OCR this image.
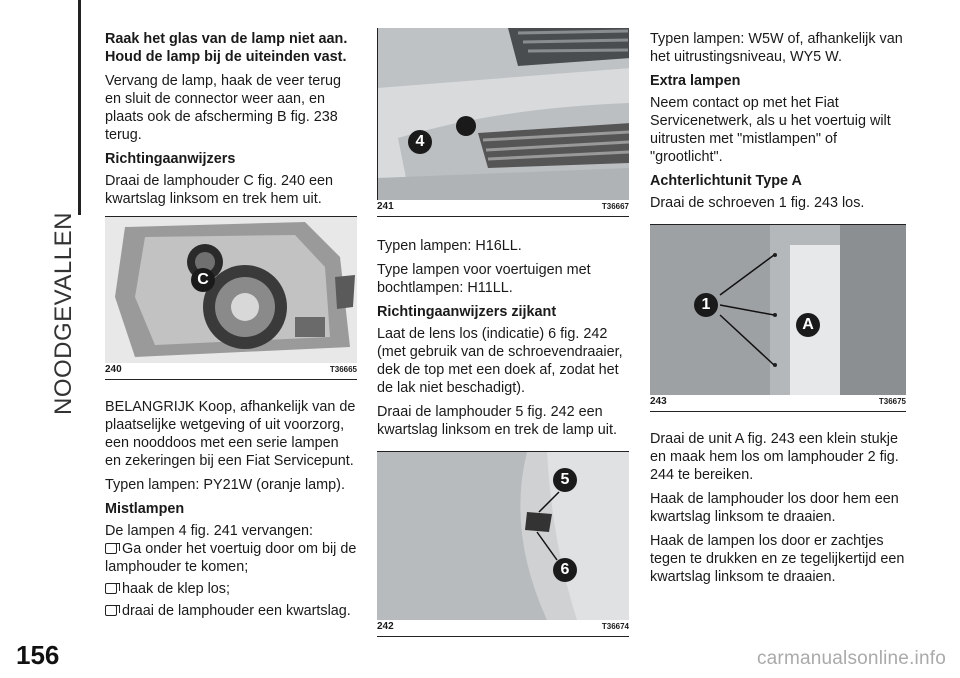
NOODGEVALLEN
156	carmanualsonline.info

Raak het glas van de lamp niet aan. Houd de lamp bij de uiteinden vast.

Vervang de lamp, haak de veer terug en sluit de connector weer aan, en plaats ook de afscherming B fig. 238 terug.

Richtingaanwijzers

Draai de lamphouder C fig. 240 een kwartslag linksom en trek hem uit.

C
240	T36665

BELANGRIJK Koop, afhankelijk van de plaatselijke wetgeving of uit voorzorg, een nooddoos met een serie lampen en zekeringen bij een Fiat Servicepunt.

Typen lampen: PY21W (oranje lamp).

Mistlampen

De lampen 4 fig. 241 vervangen:

Ga onder het voertuig door om bij de

lamphouder te komen;

haak de klep los;
draai de lamphouder een kwartslag.
4
241	T36667

Typen lampen: H16LL.

Type lampen voor voertuigen met bochtlampen: H11LL.

Richtingaanwijzers zijkant

Laat de lens los (indicatie) 6 fig. 242 (met gebruik van de schroevendraaier, dek de top met een doek af, zodat het de lak niet beschadigt).

Draai de lamphouder 5 fig. 242 een kwartslag linksom en trek de lamp uit.

5
6
242	T36674

Typen lampen: W5W of, afhankelijk van het uitrustingsniveau, WY5 W.

Extra lampen

Neem contact op met het Fiat Servicenetwerk, als u het voertuig wilt uitrusten met "mistlampen" of "grootlicht".

Achterlichtunit Type A

Draai de schroeven 1 fig. 243 los.

1
A
243	T36675

Draai de unit A fig. 243 een klein stukje en maak hem los om lamphouder 2 fig. 244 te bereiken.

Haak de lamphouder los door hem een kwartslag linksom te draaien.

Haak de lampen los door er zachtjes tegen te drukken en ze tegelijkertijd een kwartslag linksom te draaien.
